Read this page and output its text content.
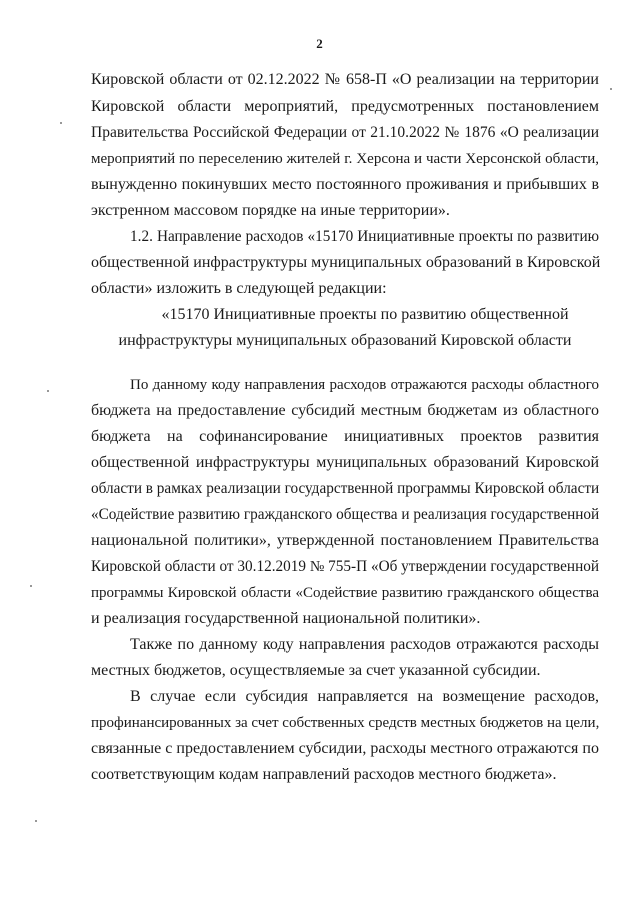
2
Кировской области от 02.12.2022 № 658-П «О реализации на территории
Кировской области мероприятий, предусмотренных постановлением
Правительства Российской Федерации от 21.10.2022 № 1876 «О реализации
мероприятий по переселению жителей г. Херсона и части Херсонской области,
вынужденно покинувших место постоянного проживания и прибывших в
экстренном массовом порядке на иные территории».
1.2. Направление расходов «15170 Инициативные проекты по развитию
общественной инфраструктуры муниципальных образований в Кировской
области» изложить в следующей редакции:
«15170 Инициативные проекты по развитию общественной
инфраструктуры муниципальных образований Кировской области
По данному коду направления расходов отражаются расходы областного
бюджета на предоставление субсидий местным бюджетам из областного
бюджета на софинансирование инициативных проектов развития
общественной инфраструктуры муниципальных образований Кировской
области в рамках реализации государственной программы Кировской области
«Содействие развитию гражданского общества и реализация государственной
национальной политики», утвержденной постановлением Правительства
Кировской области от 30.12.2019 № 755-П «Об утверждении государственной
программы Кировской области «Содействие развитию гражданского общества
и реализация государственной национальной политики».
Также по данному коду направления расходов отражаются расходы
местных бюджетов, осуществляемые за счет указанной субсидии.
В случае если субсидия направляется на возмещение расходов,
профинансированных за счет собственных средств местных бюджетов на цели,
связанные с предоставлением субсидии, расходы местного отражаются по
соответствующим кодам направлений расходов местного бюджета».
